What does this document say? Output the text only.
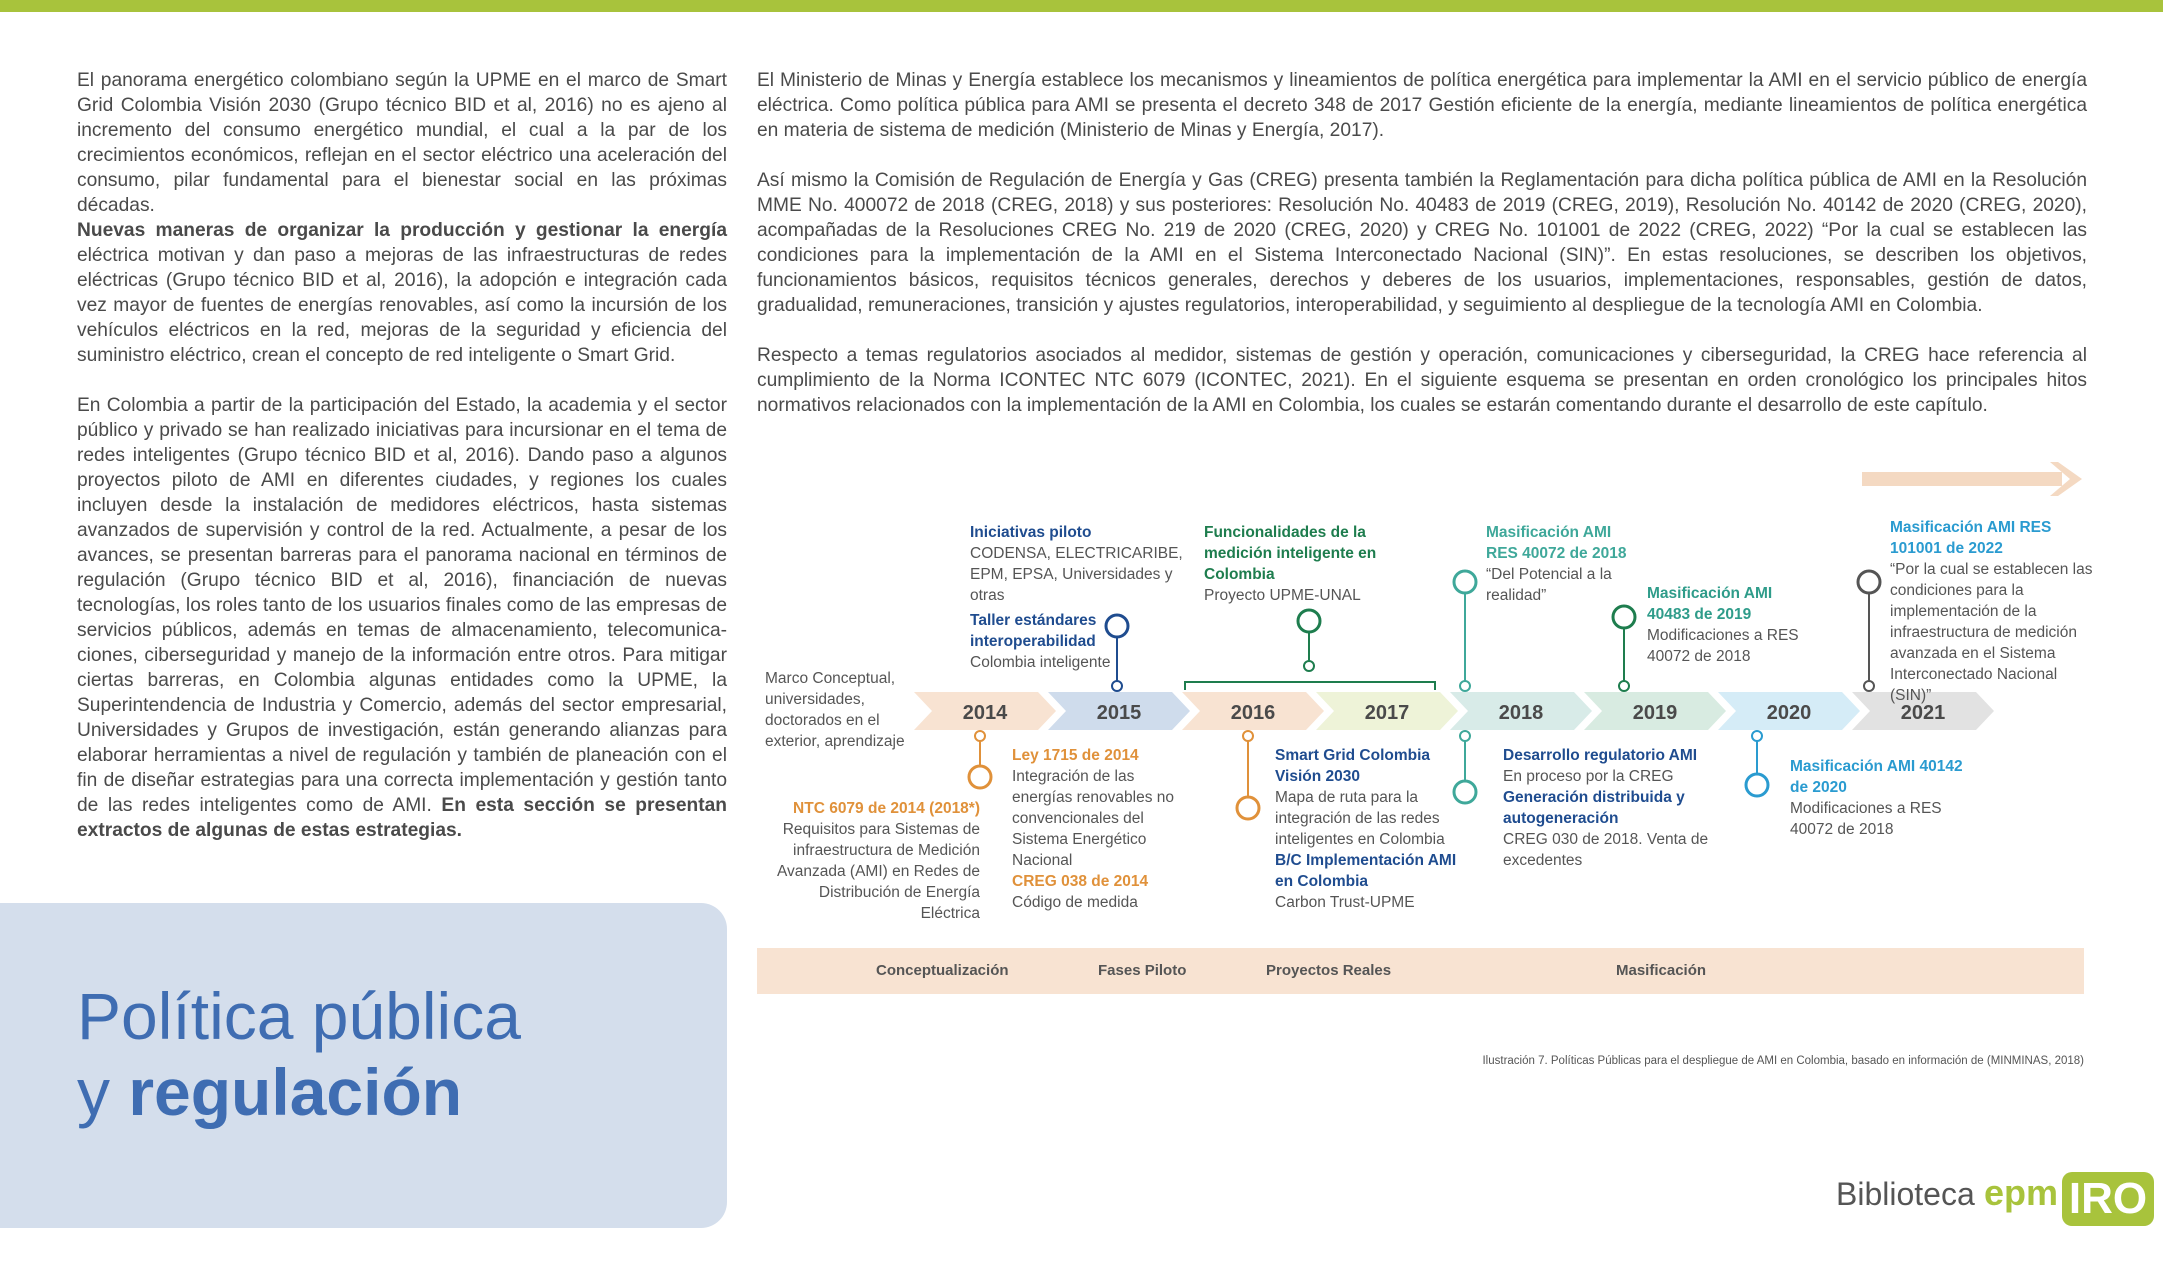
El panorama energético colombiano según la UPME en el marco de Smart Grid Colombia Visión 2030 (Grupo técnico BID et al, 2016) no es ajeno al incremento del consumo energético mundial, el cual a la par de los crecimientos económicos, reflejan en el sector eléctrico una aceleración del consumo, pilar fundamental para el bienestar social en las próximas décadas.

Nuevas maneras de organizar la producción y gestionar la energía eléctrica motivan y dan paso a mejoras de las infraestructuras de redes eléctricas (Grupo técnico BID et al, 2016), la adopción e integración cada vez mayor de fuentes de energías renovables, así como la incursión de los vehículos eléctricos en la red, mejoras de la seguridad y eficiencia del suministro eléctrico, crean el concepto de red inteligente o Smart Grid.

En Colombia a partir de la participación del Estado, la academia y el sector público y privado se han realizado iniciativas para incursionar en el tema de redes inteligentes (Grupo técnico BID et al, 2016). Dando paso a algunos proyectos piloto de AMI en diferentes ciudades, y regiones los cuales incluyen desde la instalación de medidores eléctricos, hasta sistemas avanzados de supervisión y control de la red. Actualmente, a pesar de los avances, se presentan barreras para el panorama nacional en términos de regulación (Grupo técnico BID et al, 2016), financiación de nuevas tecnologías, los roles tanto de los usuarios finales como de las empresas de servicios públicos, además en temas de almacenamiento, telecomunica-ciones, ciberseguridad y manejo de la información entre otros. Para mitigar ciertas barreras, en Colombia algunas entidades como la UPME, la Superintendencia de Industria y Comercio, además del sector empresarial, Universidades y Grupos de investigación, están generando alianzas para elaborar herramientas a nivel de regulación y también de planeación con el fin de diseñar estrategias para una correcta implementación y gestión tanto de las redes inteligentes como de AMI. En esta sección se presentan extractos de algunas de estas estrategias.

El Ministerio de Minas y Energía establece los mecanismos y lineamientos de política energética para implementar la AMI en el servicio público de energía eléctrica. Como política pública para AMI se presenta el decreto 348 de 2017 Gestión eficiente de la energía, mediante lineamientos de política energética en materia de sistema de medición (Ministerio de Minas y Energía, 2017).

Así mismo la Comisión de Regulación de Energía y Gas (CREG) presenta también la Reglamentación para dicha política pública de AMI en la Resolución MME No. 400072 de 2018 (CREG, 2018) y sus posteriores: Resolución No. 40483 de 2019 (CREG, 2019), Resolución No. 40142 de 2020 (CREG, 2020), acompañadas de la Resoluciones CREG No. 219 de 2020 (CREG, 2020) y CREG No. 101001 de 2022 (CREG, 2022) “Por la cual se establecen las condiciones para la implementación de la AMI en el Sistema Interconectado Nacional (SIN)”. En estas resoluciones, se describen los objetivos, funcionamientos básicos, requisitos técnicos generales, derechos y deberes de los usuarios, implementaciones, responsables, gestión de datos, gradualidad, remuneraciones, transición y ajustes regulatorios, interoperabilidad, y seguimiento al despliegue de la tecnología AMI en Colombia.

Respecto a temas regulatorios asociados al medidor, sistemas de gestión y operación, comunicaciones y ciberseguridad, la CREG hace referencia al cumplimiento de la Norma ICONTEC NTC 6079 (ICONTEC, 2021). En el siguiente esquema se presentan en orden cronológico los principales hitos normativos relacionados con la implementación de la AMI en Colombia, los cuales se estarán comentando durante el desarrollo de este capítulo.

Política pública
y regulación

2014	2015	2016	2017	2018	2019	2020	2021

Marco Conceptual, universidades, doctorados en el exterior, aprendizaje

Iniciativas piloto
CODENSA, ELECTRICARIBE, EPM, EPSA, Universidades y otras

Taller estándares interoperabilidad
Colombia inteligente

Funcionalidades de la medición inteligente en Colombia
Proyecto UPME-UNAL

Masificación AMI RES 40072 de 2018
“Del Potencial a la realidad”	Masificación AMI 40483 de 2019
Modificaciones a RES 40072 de 2018

Masificación AMI RES 101001 de 2022
“Por la cual se establecen las condiciones para la implementación de la infraestructura de medición avanzada en el Sistema Interconectado Nacional (SIN)”

NTC 6079 de 2014 (2018*)
Requisitos para Sistemas de infraestructura de Medición Avanzada (AMI) en Redes de Distribución de Energía Eléctrica

Ley 1715 de 2014
Integración de las energías renovables no convencionales del Sistema Energético Nacional
CREG 038 de 2014
Código de medida

Smart Grid Colombia Visión 2030
Mapa de ruta para la integración de las redes inteligentes en Colombia
B/C Implementación AMI en Colombia
Carbon Trust-UPME

Desarrollo regulatorio AMI
En proceso por la CREG
Generación distribuida y autogeneración
CREG 030 de 2018. Venta de excedentes

Masificación AMI 40142 de 2020
Modificaciones a RES 40072 de 2018

Conceptualización	Fases Piloto	Proyectos Reales	Masificación

Ilustración 7. Políticas Públicas para el despliegue de AMI en Colombia, basado en información de (MINMINAS, 2018)

Biblioteca epm IRO
